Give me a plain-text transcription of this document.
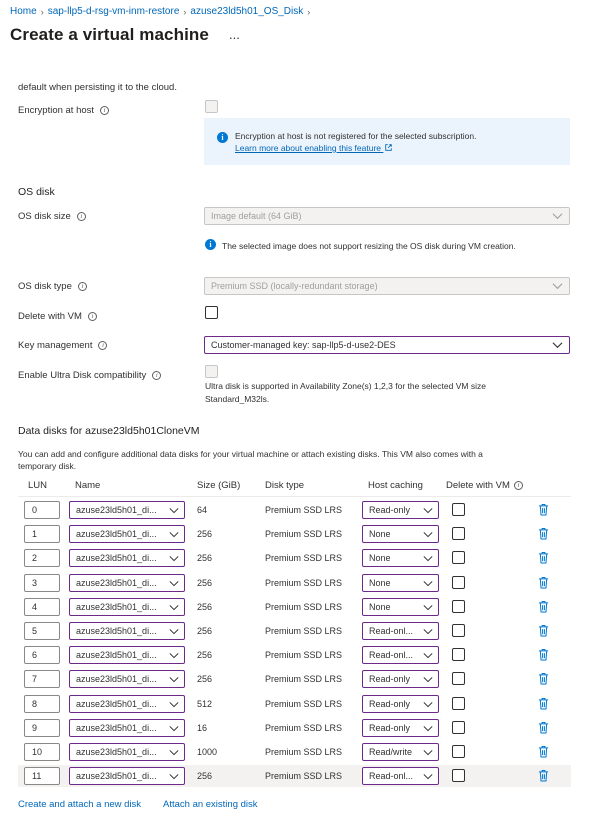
Home › sap-llp5-d-rsg-vm-inm-restore › azuse23ld5h01_OS_Disk ›
Create a virtual machine ...
default when persisting it to the cloud.
Encryption at host i
i	Encryption at host is not registered for the selected subscription.
Learn more about enabling this feature
OS disk
OS disk size i	Image default (64 GiB)
i	The selected image does not support resizing the OS disk during VM creation.
OS disk type i	Premium SSD (locally-redundant storage)
Delete with VM i
Key management i	Customer-managed key: sap-llp5-d-use2-DES
Enable Ultra Disk compatibility i
Ultra disk is supported in Availability Zone(s) 1,2,3 for the selected VM size
Standard_M32ls.
Data disks for azuse23ld5h01CloneVM
You can add and configure additional data disks for your virtual machine or attach existing disks. This VM also comes with a
temporary disk.
LUN	Name	Size (GiB)	Disk type	Host caching Delete with VM i
0	azuse23ld5h01_di...	64	Premium SSD LRS	Read-only
1	azuse23ld5h01_di...	256	Premium SSD LRS	None
2	azuse23ld5h01_di...	256	Premium SSD LRS	None
3	azuse23ld5h01_di...	256	Premium SSD LRS	None
4	azuse23ld5h01_di...	256	Premium SSD LRS	None
5	azuse23ld5h01_di...	256	Premium SSD LRS	Read-onl...
6	azuse23ld5h01_di...	256	Premium SSD LRS	Read-onl...
7	azuse23ld5h01_di...	256	Premium SSD LRS	Read-only
8	azuse23ld5h01_di...	512	Premium SSD LRS	Read-only
9	azuse23ld5h01_di...	16	Premium SSD LRS	Read-only
10	azuse23ld5h01_di...	1000	Premium SSD LRS	Read/write
11	azuse23ld5h01_di...	256	Premium SSD LRS	Read-onl...
Create and attach a new disk Attach an existing disk
